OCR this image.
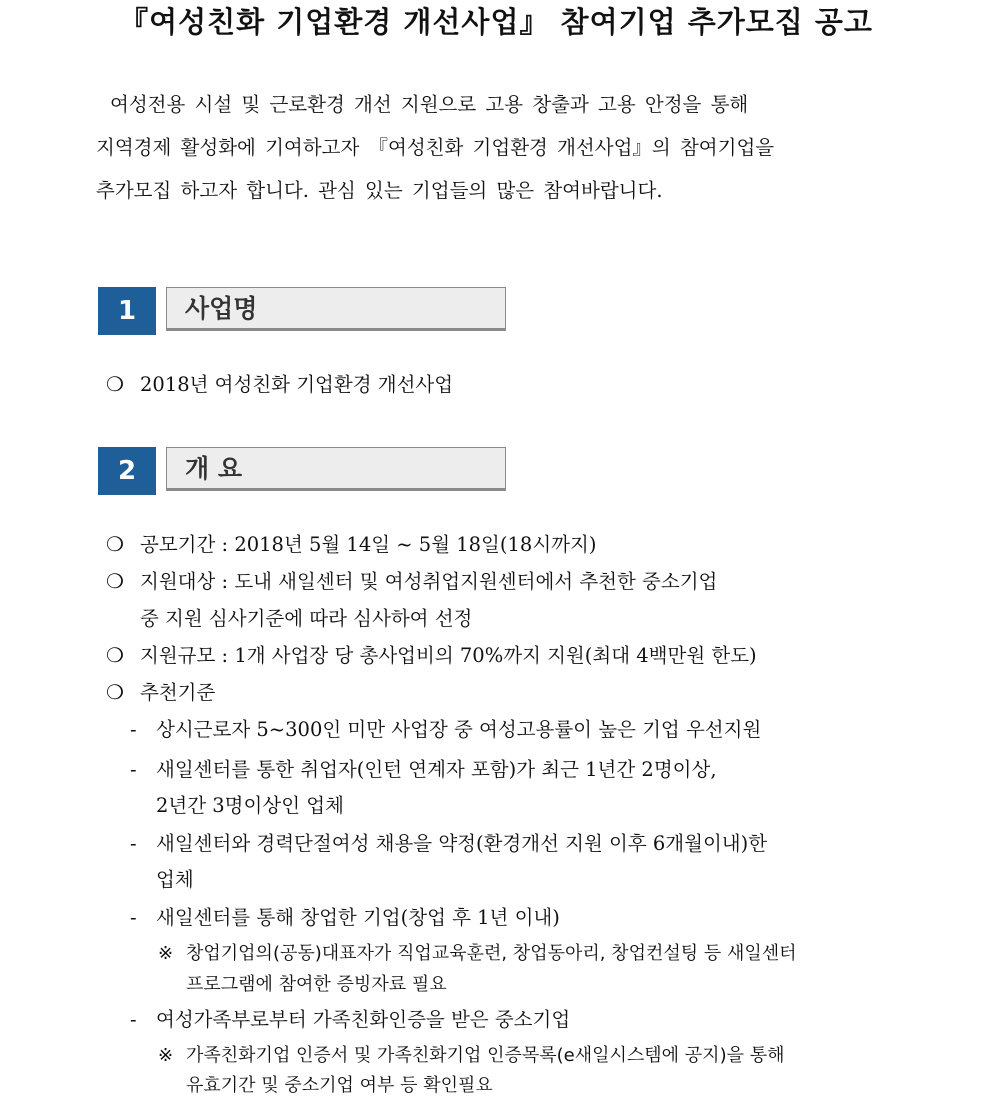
『여성친화 기업환경 개선사업』 참여기업 추가모집 공고
여성전용 시설 및 근로환경 개선 지원으로 고용 창출과 고용 안정을 통해
지역경제 활성화에 기여하고자 『여성친화 기업환경 개선사업』의 참여기업을
추가모집 하고자 합니다. 관심 있는 기업들의 많은 참여바랍니다.
1	사업명
❍ 2018년 여성친화 기업환경 개선사업
2	개 요
❍ 공모기간 : 2018년 5월 14일 ~ 5월 18일(18시까지)
❍ 지원대상 : 도내 새일센터 및 여성취업지원센터에서 추천한 중소기업
중 지원 심사기준에 따라 심사하여 선정
❍ 지원규모 : 1개 사업장 당 총사업비의 70%까지 지원(최대 4백만원 한도)
❍ 추천기준
- 상시근로자 5~300인 미만 사업장 중 여성고용률이 높은 기업 우선지원
- 새일센터를 통한 취업자(인턴 연계자 포함)가 최근 1년간 2명이상,
2년간 3명이상인 업체
- 새일센터와 경력단절여성 채용을 약정(환경개선 지원 이후 6개월이내)한
업체
- 새일센터를 통해 창업한 기업(창업 후 1년 이내)
※ 창업기업의(공동)대표자가 직업교육훈련, 창업동아리, 창업컨설팅 등 새일센터
프로그램에 참여한 증빙자료 필요
- 여성가족부로부터 가족친화인증을 받은 중소기업
※ 가족친화기업 인증서 및 가족친화기업 인증목록(e새일시스템에 공지)을 통해
유효기간 및 중소기업 여부 등 확인필요
